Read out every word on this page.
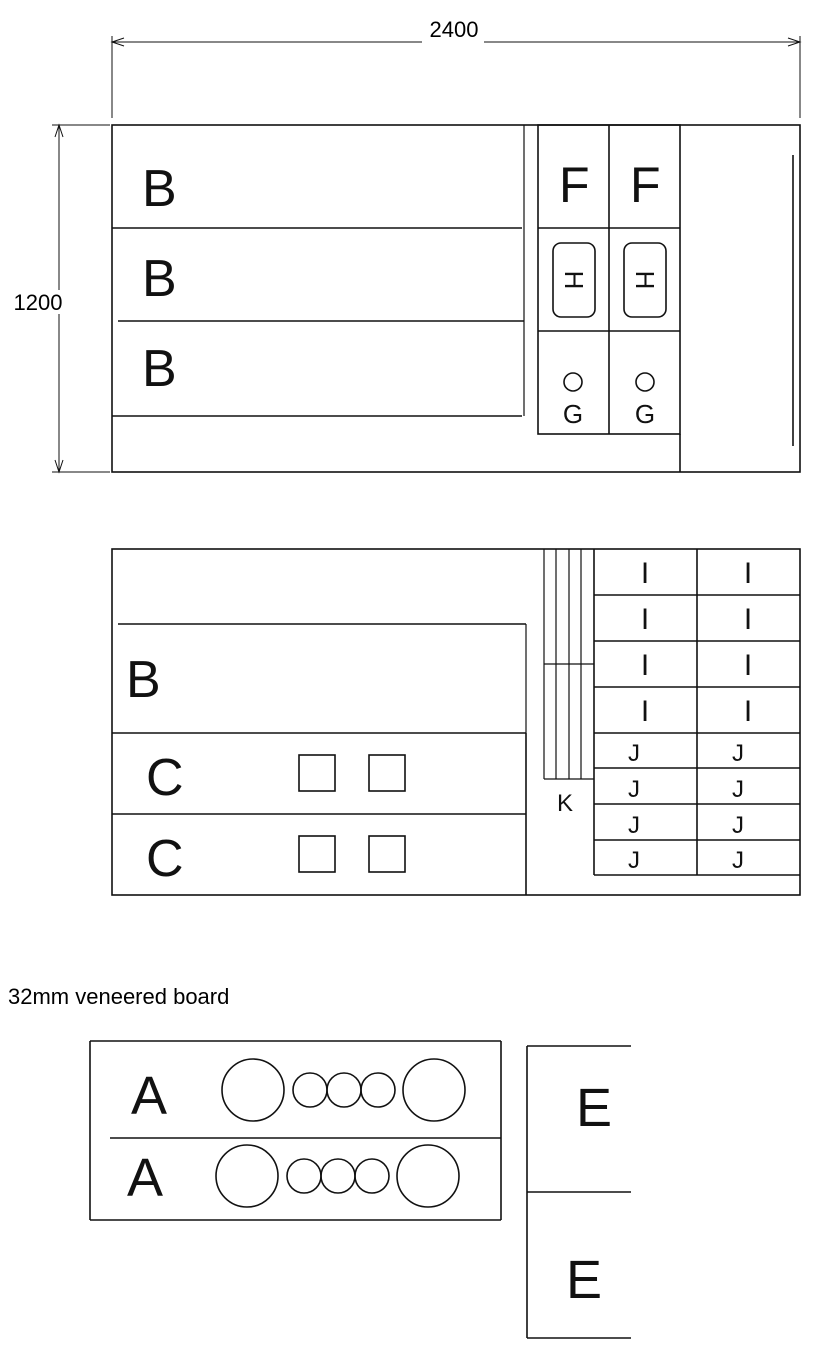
2400
1200
B
B
B
F F
H H
G G
B
C
C
K
I	I
I	I
I	I
I	I
J	J
J	J
J	J
J	J
A
A
E
E
32mm veneered board
